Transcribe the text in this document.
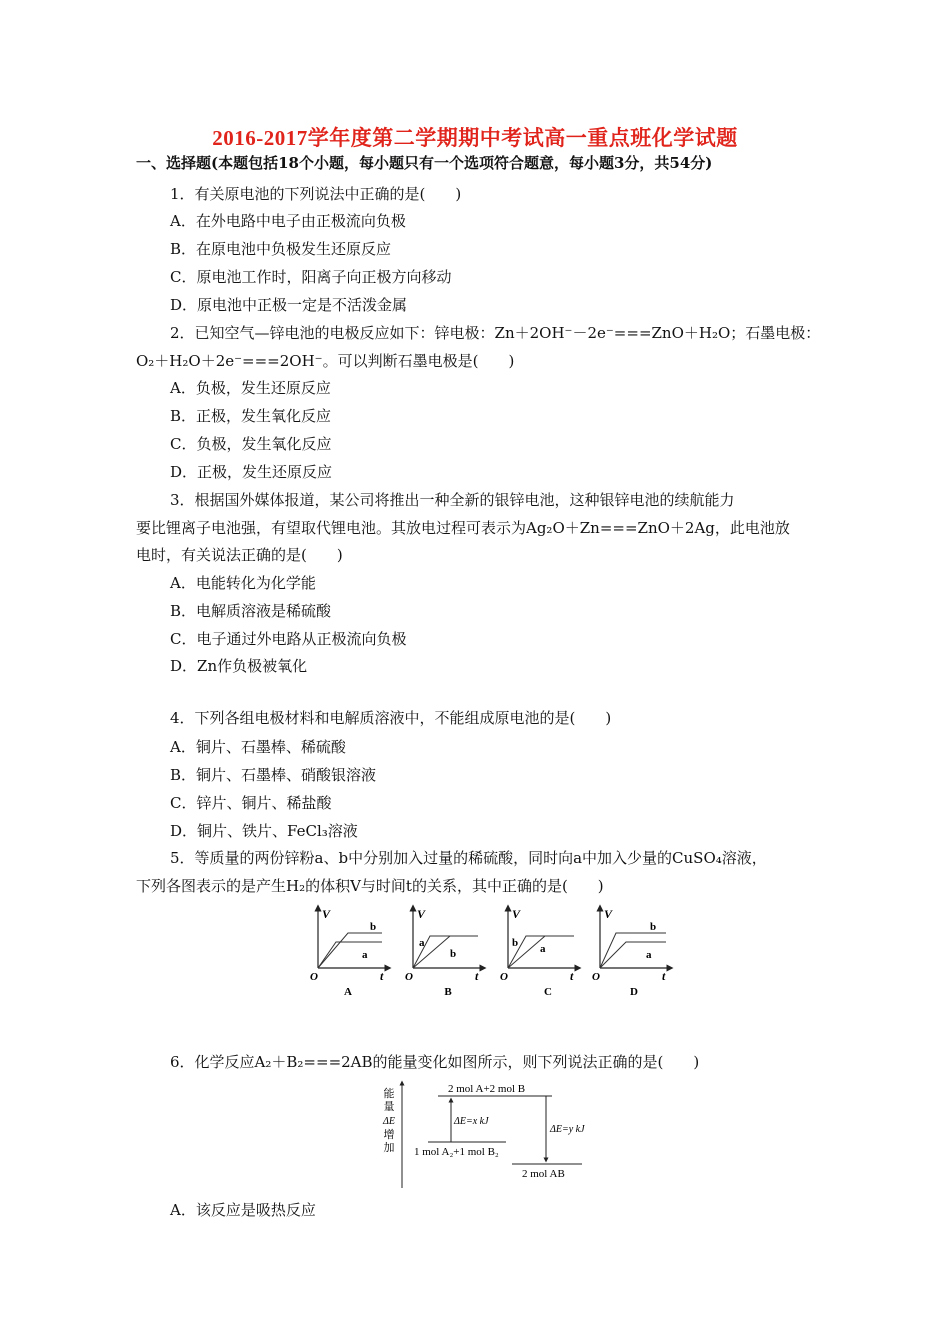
2016-2017学年度第二学期期中考试高一重点班化学试题
一、选择题(本题包括18个小题，每小题只有一个选项符合题意，每小题3分，共54分)
1．有关原电池的下列说法中正确的是(　　)
A．在外电路中电子由正极流向负极
B．在原电池中负极发生还原反应
C．原电池工作时，阳离子向正极方向移动
D．原电池中正极一定是不活泼金属
2．已知空气—锌电池的电极反应如下：锌电极：Zn＋2OH⁻－2e⁻===ZnO＋H₂O；石墨电极：
O₂＋H₂O＋2e⁻===2OH⁻。可以判断石墨电极是(　　)
A．负极，发生还原反应
B．正极，发生氧化反应
C．负极，发生氧化反应
D．正极，发生还原反应
3．根据国外媒体报道，某公司将推出一种全新的银锌电池，这种银锌电池的续航能力
要比锂离子电池强，有望取代锂电池。其放电过程可表示为Ag₂O＋Zn===ZnO＋2Ag，此电池放
电时，有关说法正确的是(　　)
A．电能转化为化学能
B．电解质溶液是稀硫酸
C．电子通过外电路从正极流向负极
D．Zn作负极被氧化
4．下列各组电极材料和电解质溶液中，不能组成原电池的是(　　)
A．铜片、石墨棒、稀硫酸
B．铜片、石墨棒、硝酸银溶液
C．锌片、铜片、稀盐酸
D．铜片、铁片、FeCl₃溶液
5．等质量的两份锌粉a、b中分别加入过量的稀硫酸，同时向a中加入少量的CuSO₄溶液，
下列各图表示的是产生H₂的体积V与时间t的关系，其中正确的是(　　)
b
a
V
t
O
A
a
b
V
t
O
B
b a
V
t
O
C
b
a
V
t
O
D
6．化学反应A₂＋B₂===2AB的能量变化如图所示，则下列说法正确的是(　　)
能
量
ΔE
增
加
2 mol A+2 mol B
1 mol A₂+1 mol B₂
2 mol AB
ΔE=x kJ
ΔE=y kJ
A．该反应是吸热反应
